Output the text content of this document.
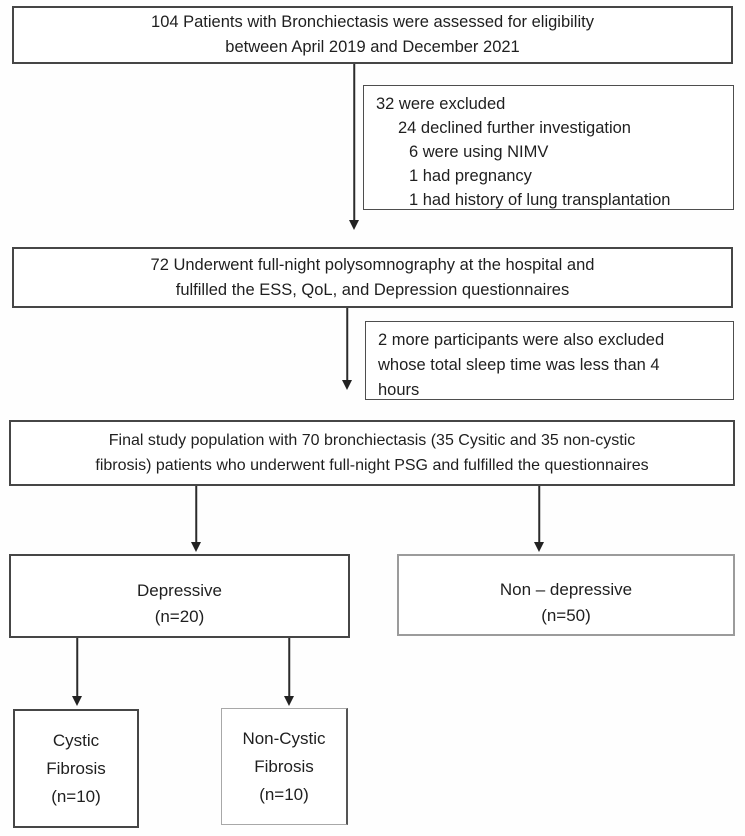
104 Patients with Bronchiectasis were assessed for eligibility
between April 2019 and December 2021
32 were excluded
24 declined further investigation
6 were using NIMV
1 had pregnancy
1 had history of lung transplantation
72 Underwent full-night polysomnography at the hospital and
fulfilled the ESS, QoL, and Depression questionnaires
2 more participants were also excluded
whose total sleep time was less than 4
hours
Final study population with 70 bronchiectasis (35 Cysitic and 35 non-cystic
fibrosis) patients who underwent full-night PSG and fulfilled the questionnaires
Depressive
(n=20)
Non – depressive
(n=50)
Cystic
Fibrosis
(n=10)
Non-Cystic
Fibrosis
(n=10)
